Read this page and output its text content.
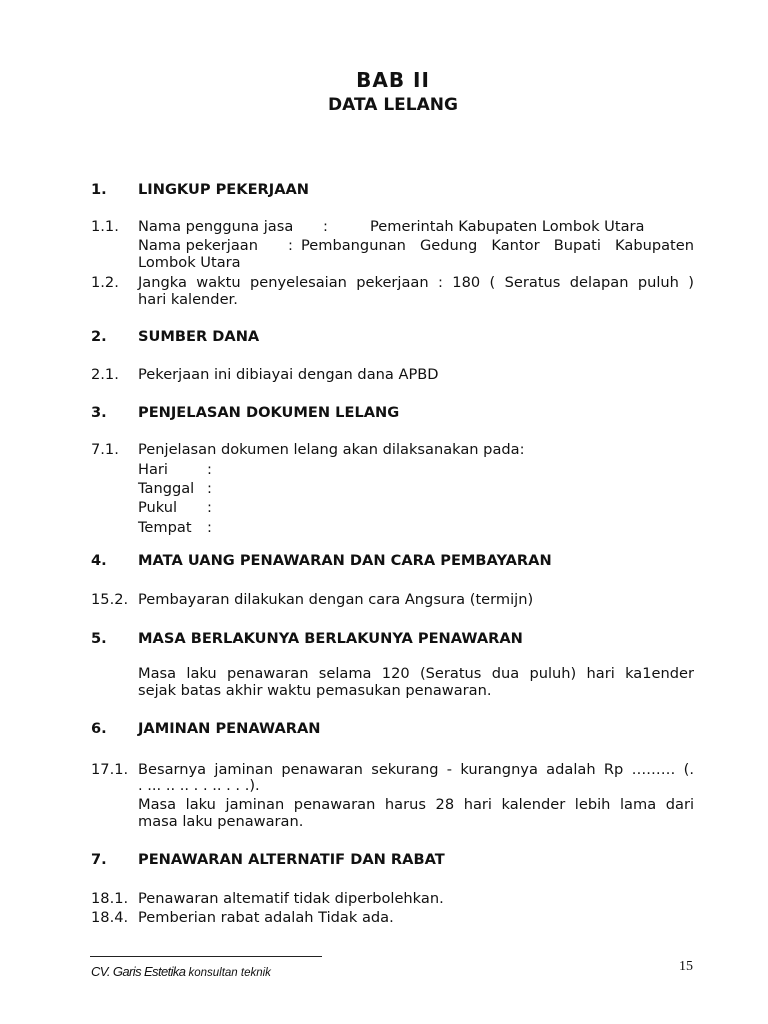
BAB II
DATA LELANG
1. LINGKUP PEKERJAAN
1.1. Nama pengguna jasa :	Pemerintah Kabupaten Lombok Utara
Nama pekerjaan : Pembangunan Gedung Kantor Bupati Kabupaten
Lombok Utara
1.2. Jangka waktu penyelesaian pekerjaan : 180 ( Seratus delapan puluh )
hari kalender.
2. SUMBER DANA
2.1. Pekerjaan ini dibiayai dengan dana APBD
3. PENJELASAN DOKUMEN LELANG
7.1. Penjelasan dokumen lelang akan dilaksanakan pada:
Hari	:
Tanggal :
Pukul :
Tempat :
4. MATA UANG PENAWARAN DAN CARA PEMBAYARAN
15.2. Pembayaran dilakukan dengan cara Angsura (termijn)
5. MASA BERLAKUNYA BERLAKUNYA PENAWARAN
Masa laku penawaran selama 120 (Seratus dua puluh) hari ka1ender
sejak batas akhir waktu pemasukan penawaran.
6. JAMINAN PENAWARAN
17.1. Besarnya jaminan penawaran sekurang - kurangnya adalah Rp ……… (.
. ... .. .. . . .. . . .).
Masa laku jaminan penawaran harus 28 hari kalender lebih lama dari
masa laku penawaran.
7. PENAWARAN ALTERNATIF DAN RABAT
18.1. Penawaran altematif tidak diperbolehkan.
18.4. Pemberian rabat adalah Tidak ada.
CV. Garis Estetika konsultan teknik	15
